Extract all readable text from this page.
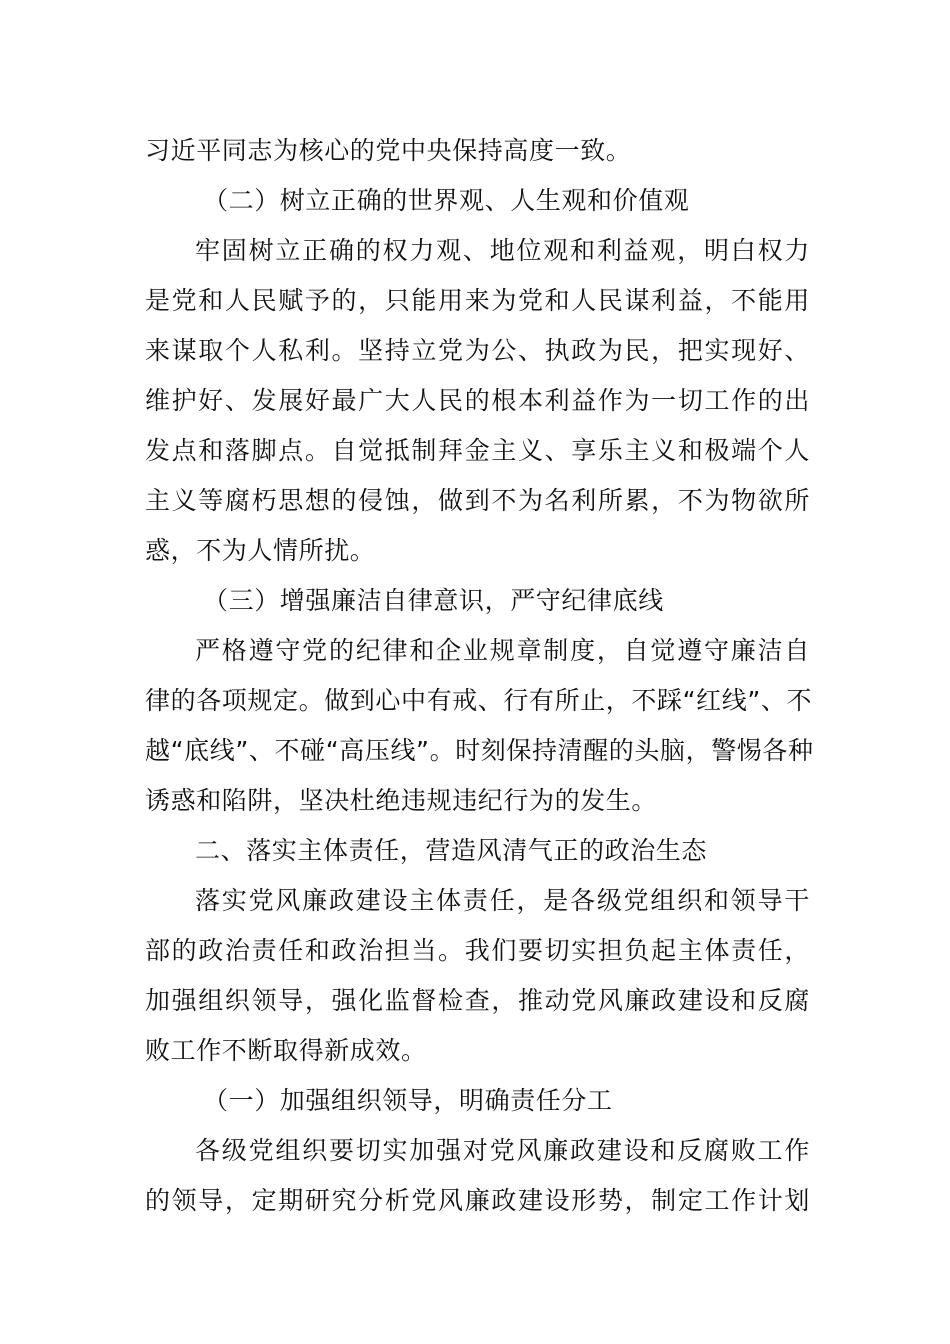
习近平同志为核心的党中央保持高度一致。
（二）树立正确的世界观、人生观和价值观
牢固树立正确的权力观、地位观和利益观，明白权力
是党和人民赋予的，只能用来为党和人民谋利益，不能用
来谋取个人私利。坚持立党为公、执政为民，把实现好、
维护好、发展好最广大人民的根本利益作为一切工作的出
发点和落脚点。自觉抵制拜金主义、享乐主义和极端个人
主义等腐朽思想的侵蚀，做到不为名利所累，不为物欲所
惑，不为人情所扰。
（三）增强廉洁自律意识，严守纪律底线
严格遵守党的纪律和企业规章制度，自觉遵守廉洁自
律的各项规定。做到心中有戒、行有所止，不踩“红线”、不
越“底线”、不碰“高压线”。时刻保持清醒的头脑，警惕各种
诱惑和陷阱，坚决杜绝违规违纪行为的发生。
二、落实主体责任，营造风清气正的政治生态
落实党风廉政建设主体责任，是各级党组织和领导干
部的政治责任和政治担当。我们要切实担负起主体责任，
加强组织领导，强化监督检查，推动党风廉政建设和反腐
败工作不断取得新成效。
（一）加强组织领导，明确责任分工
各级党组织要切实加强对党风廉政建设和反腐败工作
的领导，定期研究分析党风廉政建设形势，制定工作计划
